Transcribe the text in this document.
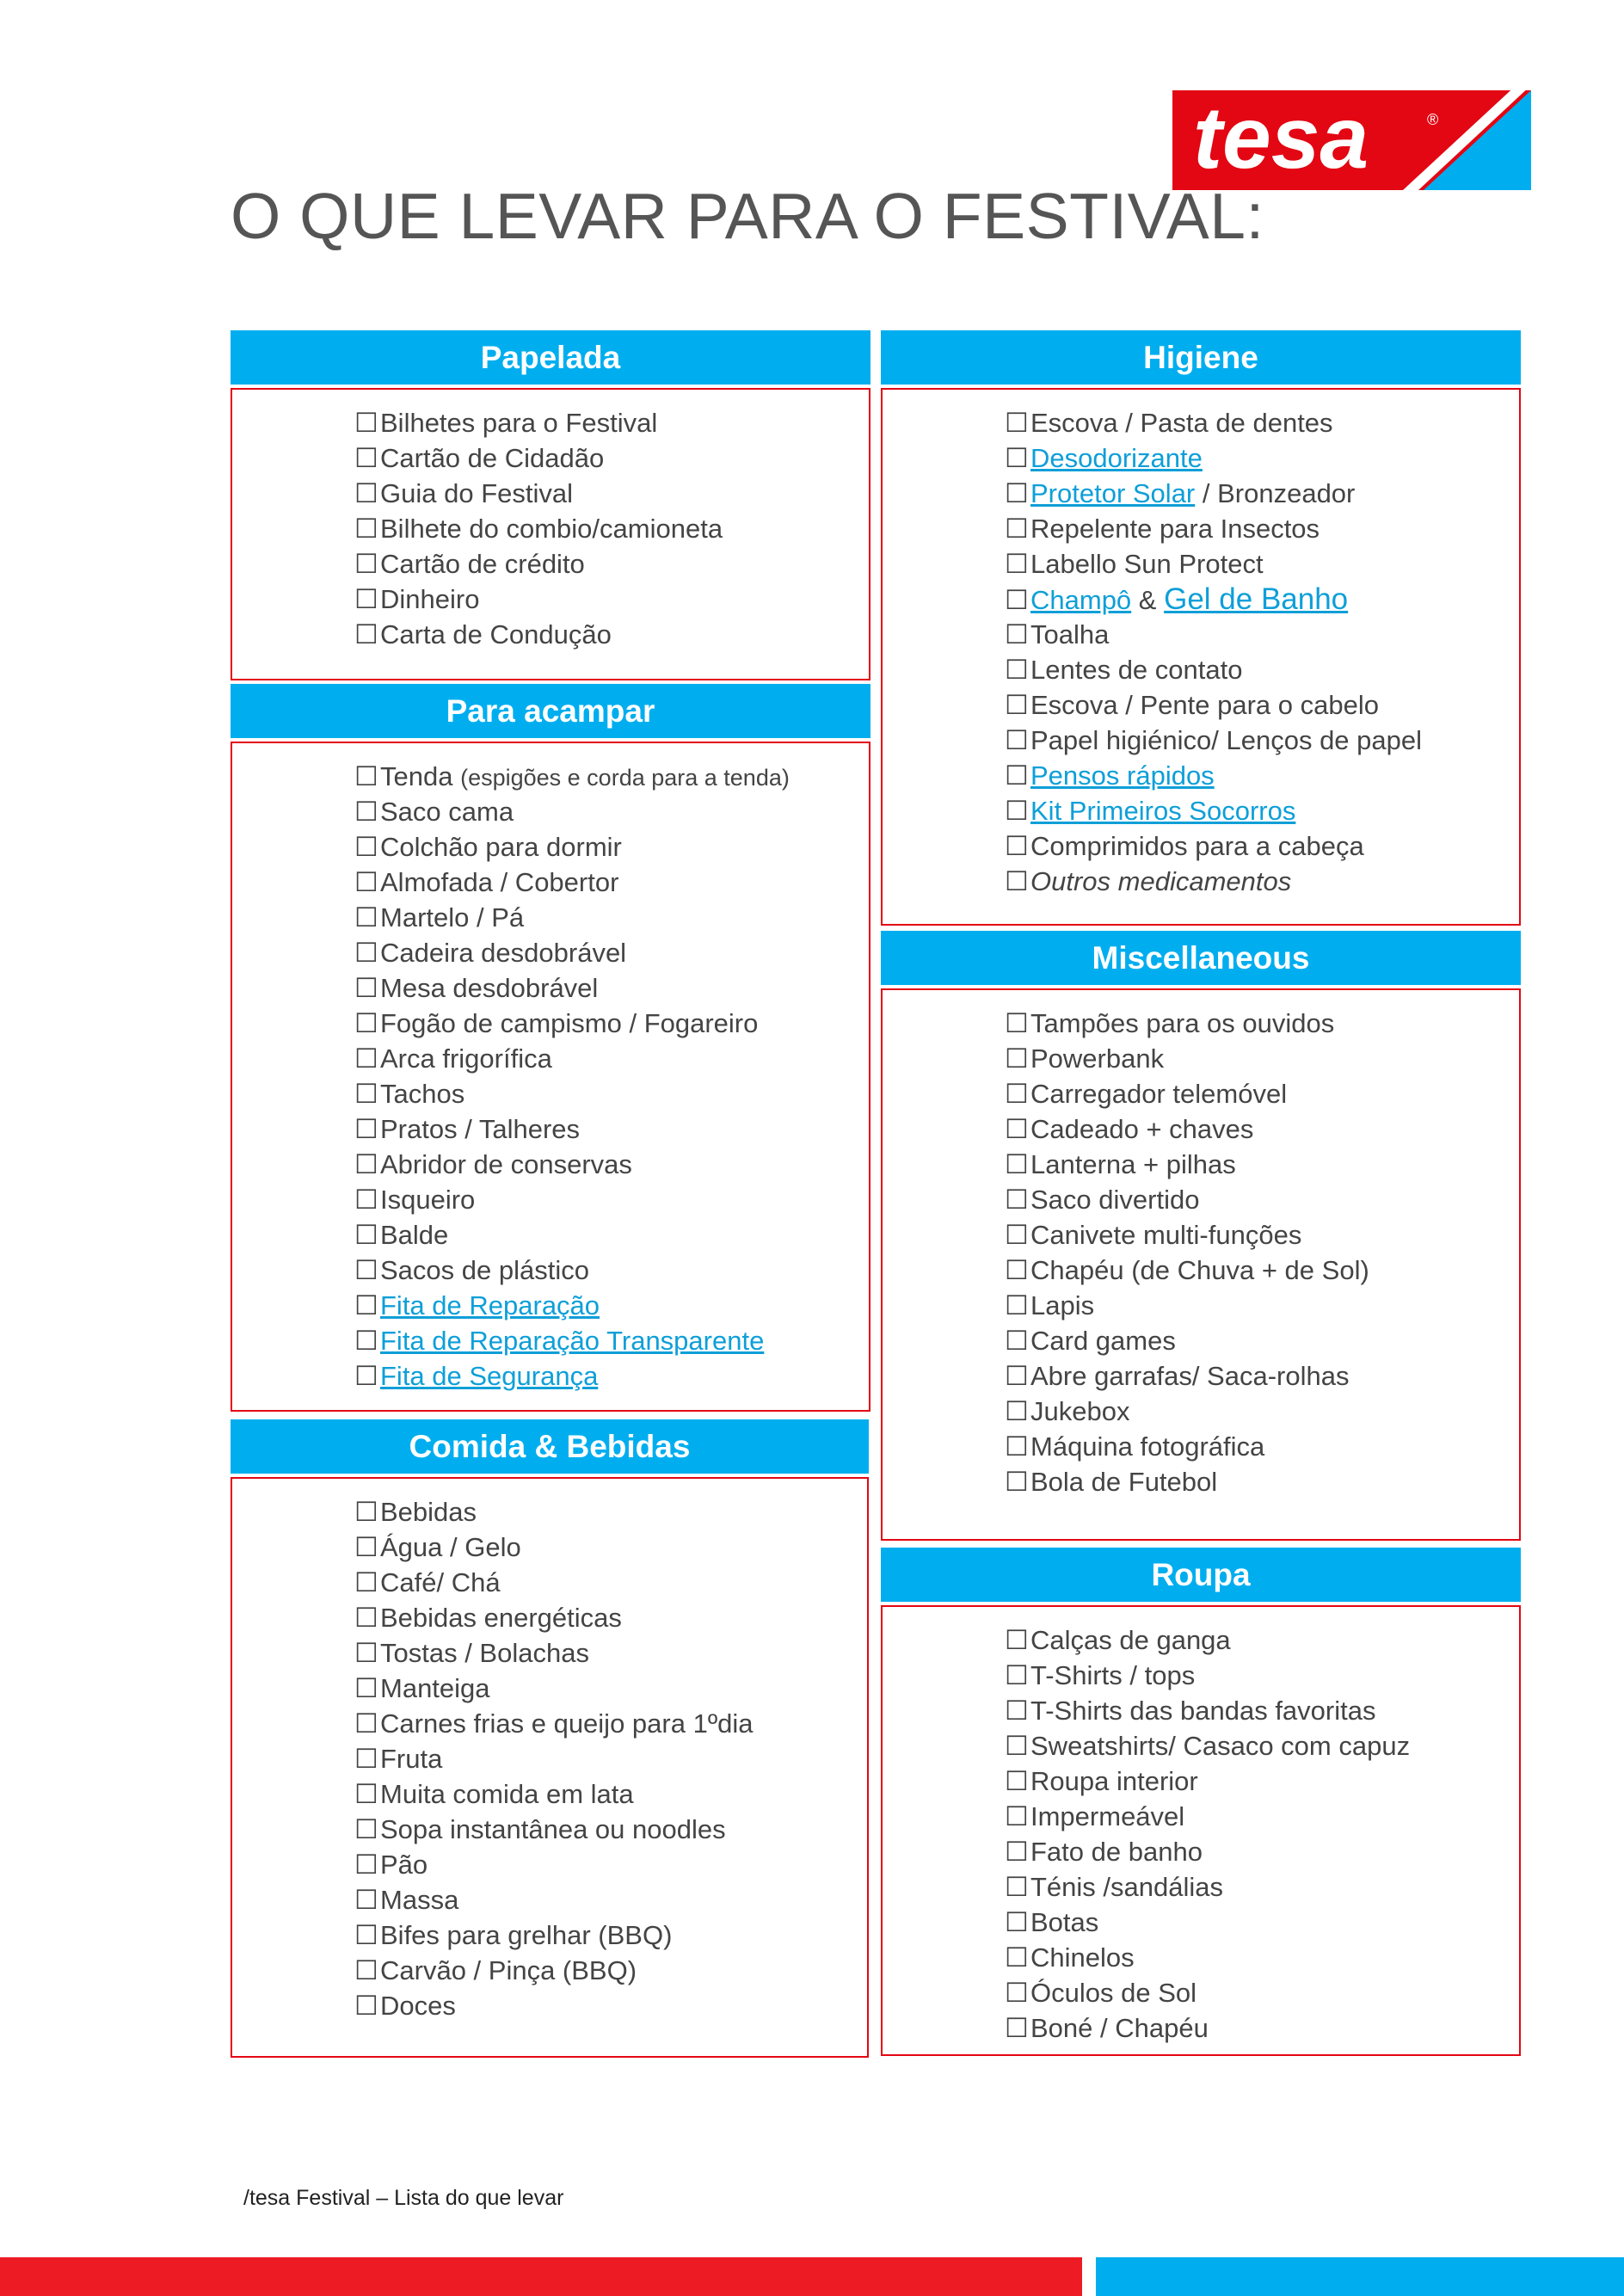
tesa	®
O QUE LEVAR PARA O FESTIVAL:
Papelada
☐Bilhetes para o Festival
☐Cartão de Cidadão
☐Guia do Festival
☐Bilhete do combio/camioneta
☐Cartão de crédito
☐Dinheiro
☐Carta de Condução
Para acampar
☐Tenda (espigões e corda para a tenda)
☐Saco cama
☐Colchão para dormir
☐Almofada / Cobertor
☐Martelo / Pá
☐Cadeira desdobrável
☐Mesa desdobrável
☐Fogão de campismo / Fogareiro
☐Arca frigorífica
☐Tachos
☐Pratos / Talheres
☐Abridor de conservas
☐Isqueiro
☐Balde
☐Sacos de plástico
☐Fita de Reparação
☐Fita de Reparação Transparente
☐Fita de Segurança
Comida & Bebidas
☐Bebidas
☐Água / Gelo
☐Café/ Chá
☐Bebidas energéticas
☐Tostas / Bolachas
☐Manteiga
☐Carnes frias e queijo para 1ºdia
☐Fruta
☐Muita comida em lata
☐Sopa instantânea ou noodles
☐Pão
☐Massa
☐Bifes para grelhar (BBQ)
☐Carvão / Pinça (BBQ)
☐Doces
Higiene
☐Escova / Pasta de dentes
☐Desodorizante
☐Protetor Solar / Bronzeador
☐Repelente para Insectos
☐Labello Sun Protect
☐Champô & Gel de Banho
☐Toalha
☐Lentes de contato
☐Escova / Pente para o cabelo
☐Papel higiénico/ Lenços de papel
☐Pensos rápidos
☐Kit Primeiros Socorros
☐Comprimidos para a cabeça
☐Outros medicamentos
Miscellaneous
☐Tampões para os ouvidos
☐Powerbank
☐Carregador telemóvel
☐Cadeado + chaves
☐Lanterna + pilhas
☐Saco divertido
☐Canivete multi-funções
☐Chapéu (de Chuva + de Sol)
☐Lapis
☐Card games
☐Abre garrafas/ Saca-rolhas
☐Jukebox
☐Máquina fotográfica
☐Bola de Futebol
Roupa
☐Calças de ganga
☐T-Shirts / tops
☐T-Shirts das bandas favoritas
☐Sweatshirts/ Casaco com capuz
☐Roupa interior
☐Impermeável
☐Fato de banho
☐Ténis /sandálias
☐Botas
☐Chinelos
☐Óculos de Sol
☐Boné / Chapéu
/tesa Festival – Lista do que levar
